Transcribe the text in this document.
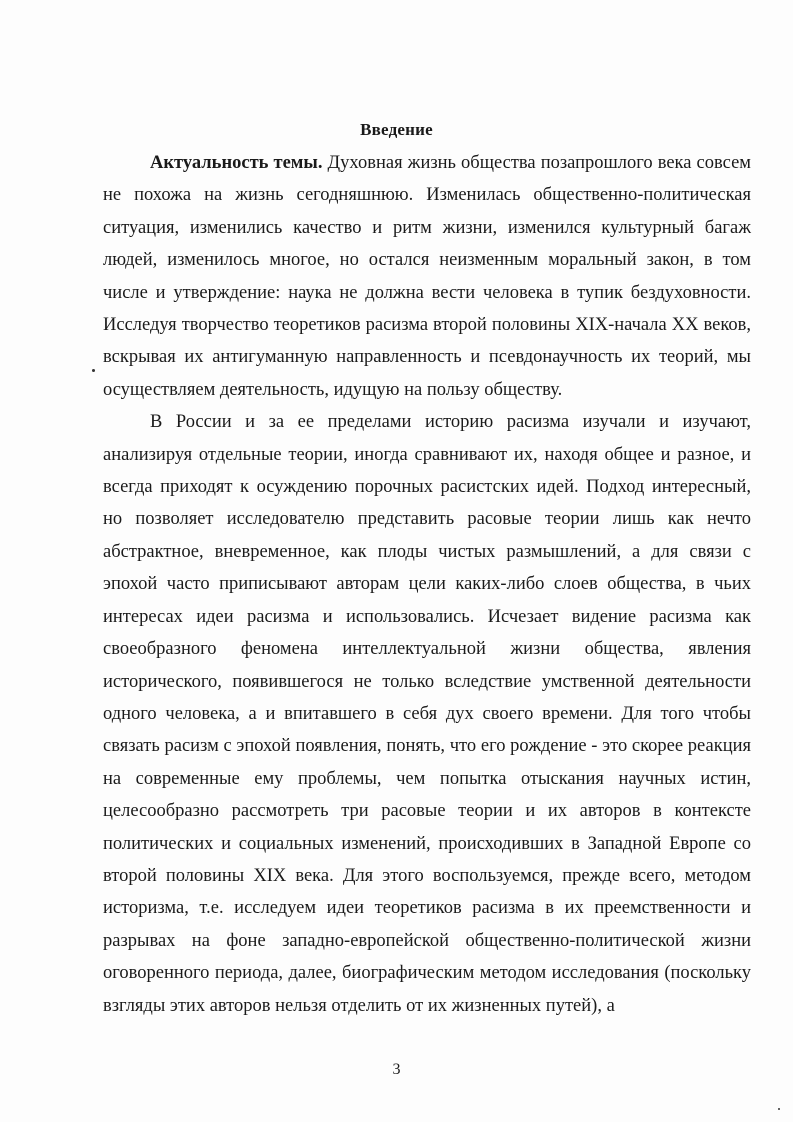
Введение

Актуальность темы. Духовная жизнь общества позапрошлого века совсем не похожа на жизнь сегодняшнюю. Изменилась общественно-политическая ситуация, изменились качество и ритм жизни, изменился культурный багаж людей, изменилось многое, но остался неизменным моральный закон, в том числе и утверждение: наука не должна вести человека в тупик бездуховности. Исследуя творчество теоретиков расизма второй половины XIX-начала XX веков, вскрывая их антигуманную направленность и псевдонаучность их теорий, мы осуществляем деятельность, идущую на пользу обществу.

В России и за ее пределами историю расизма изучали и изучают, анализируя отдельные теории, иногда сравнивают их, находя общее и разное, и всегда приходят к осуждению порочных расистских идей. Подход интересный, но позволяет исследователю представить расовые теории лишь как нечто абстрактное, вневременное, как плоды чистых размышлений, а для связи с эпохой часто приписывают авторам цели каких-либо слоев общества, в чьих интересах идеи расизма и использовались. Исчезает видение расизма как своеобразного феномена интеллектуальной жизни общества, явления исторического, появившегося не только вследствие умственной деятельности одного человека, а и впитавшего в себя дух своего времени. Для того чтобы связать расизм с эпохой появления, понять, что его рождение - это скорее реакция на современные ему проблемы, чем попытка отыскания научных истин, целесообразно рассмотреть три расовые теории и их авторов в контексте политических и социальных изменений, происходивших в Западной Европе со второй половины XIX века. Для этого воспользуемся, прежде всего, методом историзма, т.е. исследуем идеи теоретиков расизма в их преемственности и разрывах на фоне западно-европейской общественно-политической жизни оговоренного периода, далее, биографическим методом исследования (поскольку взгляды этих авторов нельзя отделить от их жизненных путей), а

3
